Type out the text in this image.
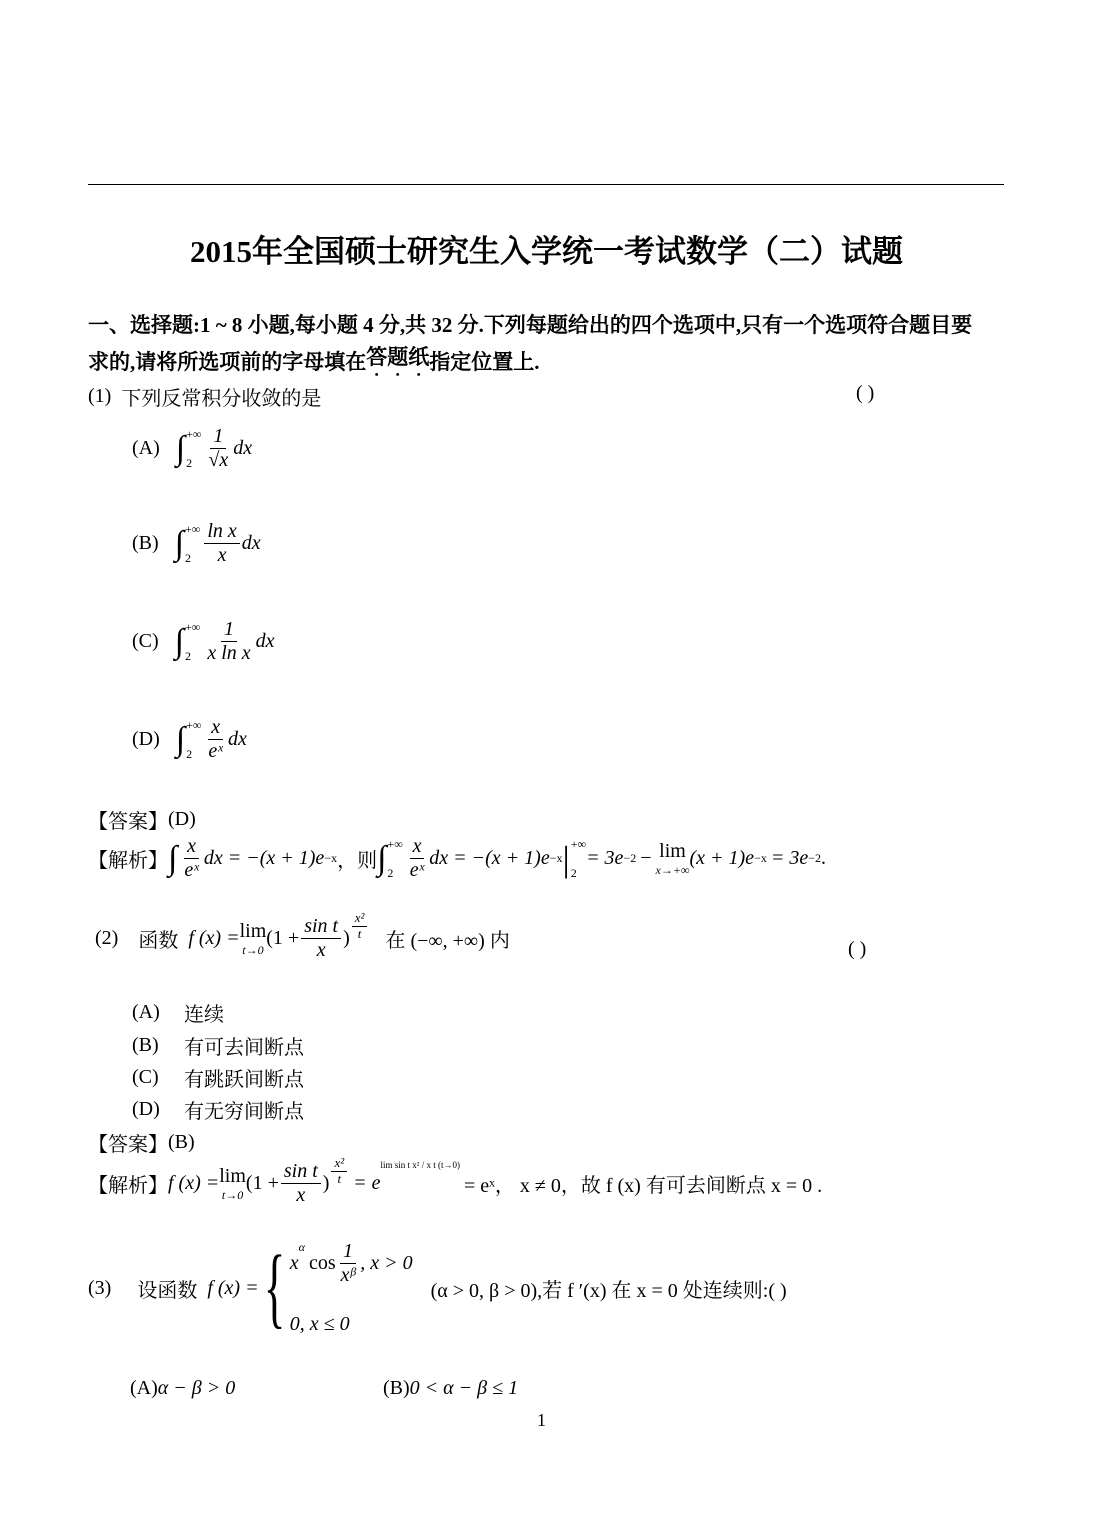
2015年全国硕士研究生入学统一考试数学（二）试题
一、选择题:1 ~ 8 小题,每小题 4 分,共 32 分.下列每题给出的四个选项中,只有一个选项符合题目要
求的,请将所选项前的字母填在 答题纸 指定位置上.
(1) 下列反常积分收敛的是	( )
(A) ∫ +∞
$2 \frac{1}{√x}$ dx
(B) ∫ +∞
$2 \frac{\text{ln x}}{x}$ dx
(C) ∫ +∞
$2 \frac{1}{\text{x ln x}}$ dx
(D) ∫ +∞
$2 \frac{x}{\text{eˣ}}$ dx
【答案】 (D)
【解析】 ∫ $\frac{x}{\text{eˣ}}$ dx = −(x + 1)e −x ，则 ∫ +∞
$2 \frac{x}{\text{eˣ}}$ dx = −(x + 1)e −x | +∞
2
= 3e −2 − lim
x→+∞
(x + 1)e −x = 3e −2 .
(2) 函数 f (x) = lim
t→0
($1 + \frac{\text{sin t}}{x}$ ) $\frac{\text{x²}}{t}$ 在 (−∞, +∞) 内	( )
(A)	连续
(B)	有可去间断点
(C)	有跳跃间断点
(D)	有无穷间断点
【答案】 (B)
【解析】 f (x) = lim
t→0
($1 + \frac{\text{sin t}}{x}$ ) $\frac{\text{x²}}{t} = e$
lim sin t x² / x t (t→0)
= eˣ， x ≠ 0，故 f (x) 有可去间断点 x = 0 .
(3) 设函数 f (x) = { x
$^\alpha$
$\cos \frac{1}{\text{xᵝ}}$ , x > 0
0, x ≤ 0
(α > 0, β > 0),若 f ′(x) 在 x = 0 处连续则:( )
(A) α − β > 0	(B) 0 < α − β ≤ 1
1
